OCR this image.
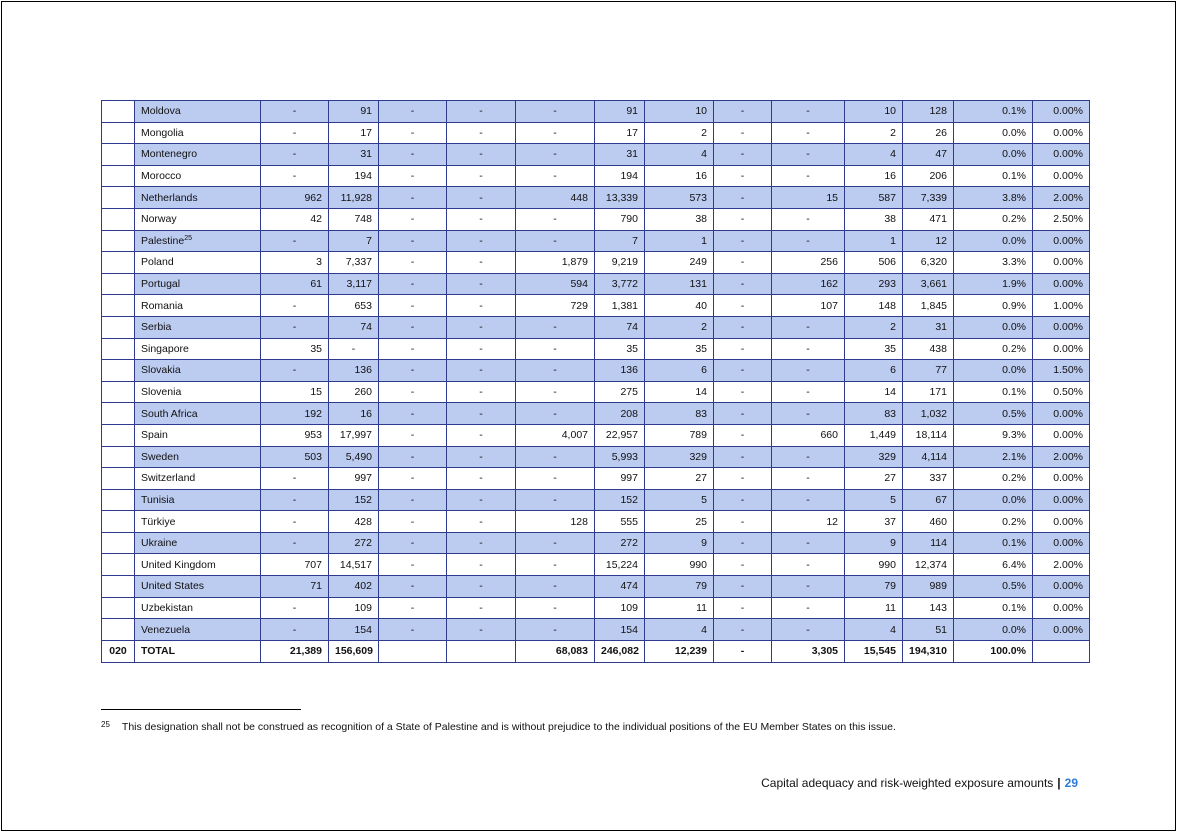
	Moldova	-	91	-	-	-	91	10	-	-	10	128	0.1%	0.00%
	Mongolia	-	17	-	-	-	17	2	-	-	2	26	0.0%	0.00%
	Montenegro	-	31	-	-	-	31	4	-	-	4	47	0.0%	0.00%
	Morocco	-	194	-	-	-	194	16	-	-	16	206	0.1%	0.00%
	Netherlands	962	11,928	-	-	448	13,339	573	-	15	587	7,339	3.8%	2.00%
	Norway	42	748	-	-	-	790	38	-	-	38	471	0.2%	2.50%
	Palestine$^{25}$	-	7	-	-	-	7	1	-	-	1	12	0.0%	0.00%
	Poland	3	7,337	-	-	1,879	9,219	249	-	256	506	6,320	3.3%	0.00%
	Portugal	61	3,117	-	-	594	3,772	131	-	162	293	3,661	1.9%	0.00%
	Romania	-	653	-	-	729	1,381	40	-	107	148	1,845	0.9%	1.00%
	Serbia	-	74	-	-	-	74	2	-	-	2	31	0.0%	0.00%
	Singapore	35	-	-	-	-	35	35	-	-	35	438	0.2%	0.00%
	Slovakia	-	136	-	-	-	136	6	-	-	6	77	0.0%	1.50%
	Slovenia	15	260	-	-	-	275	14	-	-	14	171	0.1%	0.50%
	South Africa	192	16	-	-	-	208	83	-	-	83	1,032	0.5%	0.00%
	Spain	953	17,997	-	-	4,007	22,957	789	-	660	1,449	18,114	9.3%	0.00%
	Sweden	503	5,490	-	-	-	5,993	329	-	-	329	4,114	2.1%	2.00%
	Switzerland	-	997	-	-	-	997	27	-	-	27	337	0.2%	0.00%
	Tunisia	-	152	-	-	-	152	5	-	-	5	67	0.0%	0.00%
	Türkiye	-	428	-	-	128	555	25	-	12	37	460	0.2%	0.00%
	Ukraine	-	272	-	-	-	272	9	-	-	9	114	0.1%	0.00%
	United Kingdom	707	14,517	-	-	-	15,224	990	-	-	990	12,374	6.4%	2.00%
	United States	71	402	-	-	-	474	79	-	-	79	989	0.5%	0.00%
	Uzbekistan	-	109	-	-	-	109	11	-	-	11	143	0.1%	0.00%
	Venezuela	-	154	-	-	-	154	4	-	-	4	51	0.0%	0.00%
020	TOTAL	21,389	156,609			68,083	246,082	12,239	-	3,305	15,545	194,310	100.0%	
$^{25}$ This designation shall not be construed as recognition of a State of Palestine and is without prejudice to the individual positions of the EU Member States on this issue.
Capital adequacy and risk-weighted exposure amounts | 29
